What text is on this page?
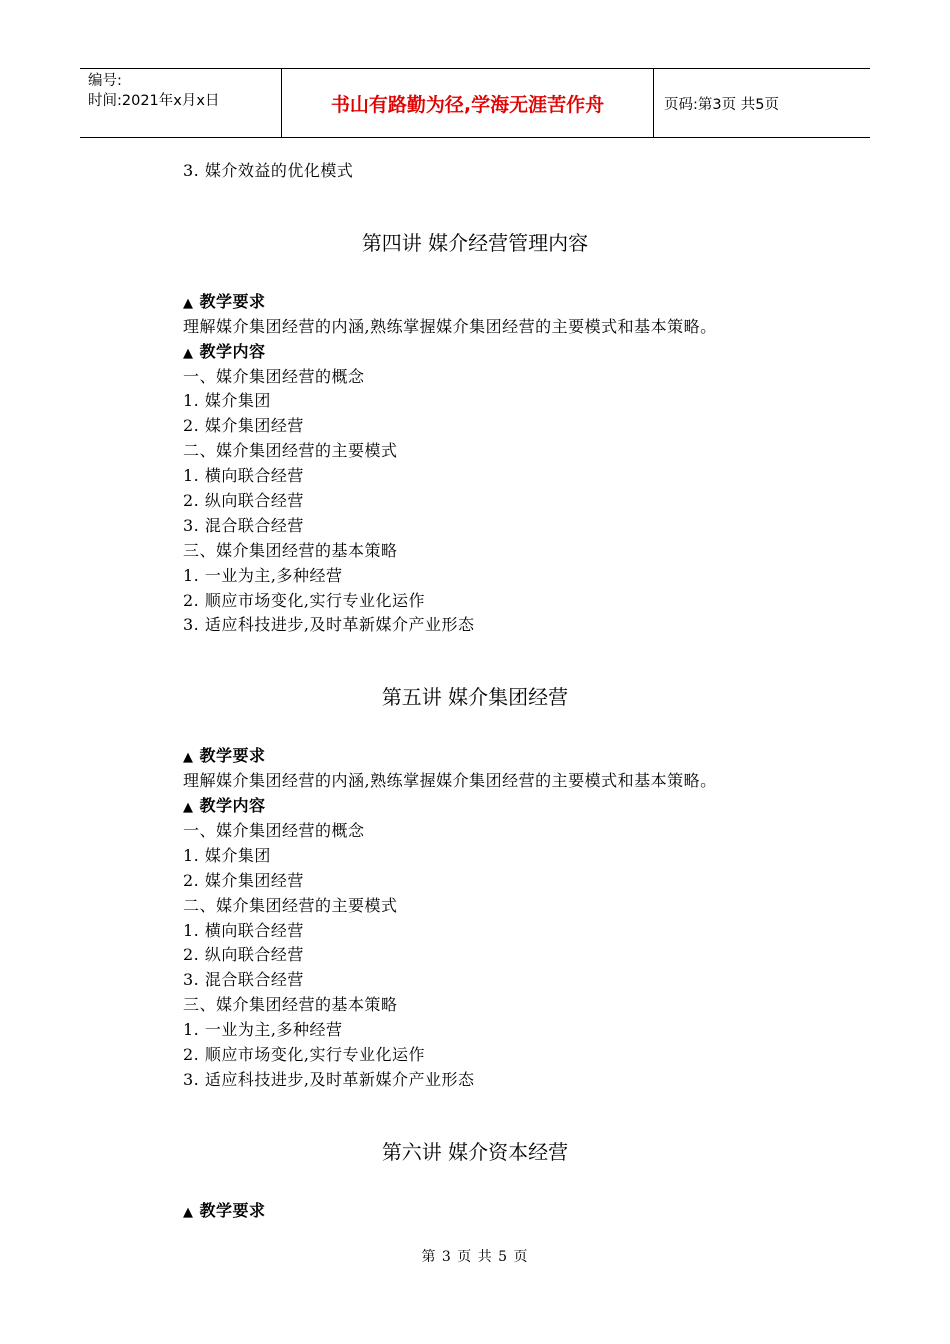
编号:
时间:2021年x月x日	书山有路勤为径,学海无涯苦作舟	页码:第3页 共5页
3. 媒介效益的优化模式
第四讲 媒介经营管理内容
▲ 教学要求
理解媒介集团经营的内涵,熟练掌握媒介集团经营的主要模式和基本策略。
▲ 教学内容
一、媒介集团经营的概念
1. 媒介集团
2. 媒介集团经营
二、媒介集团经营的主要模式
1. 横向联合经营
2. 纵向联合经营
3. 混合联合经营
三、媒介集团经营的基本策略
1. 一业为主,多种经营
2. 顺应市场变化,实行专业化运作
3. 适应科技进步,及时革新媒介产业形态
第五讲 媒介集团经营
▲ 教学要求
理解媒介集团经营的内涵,熟练掌握媒介集团经营的主要模式和基本策略。
▲ 教学内容
一、媒介集团经营的概念
1. 媒介集团
2. 媒介集团经营
二、媒介集团经营的主要模式
1. 横向联合经营
2. 纵向联合经营
3. 混合联合经营
三、媒介集团经营的基本策略
1. 一业为主,多种经营
2. 顺应市场变化,实行专业化运作
3. 适应科技进步,及时革新媒介产业形态
第六讲 媒介资本经营
▲ 教学要求
第 3 页 共 5 页
